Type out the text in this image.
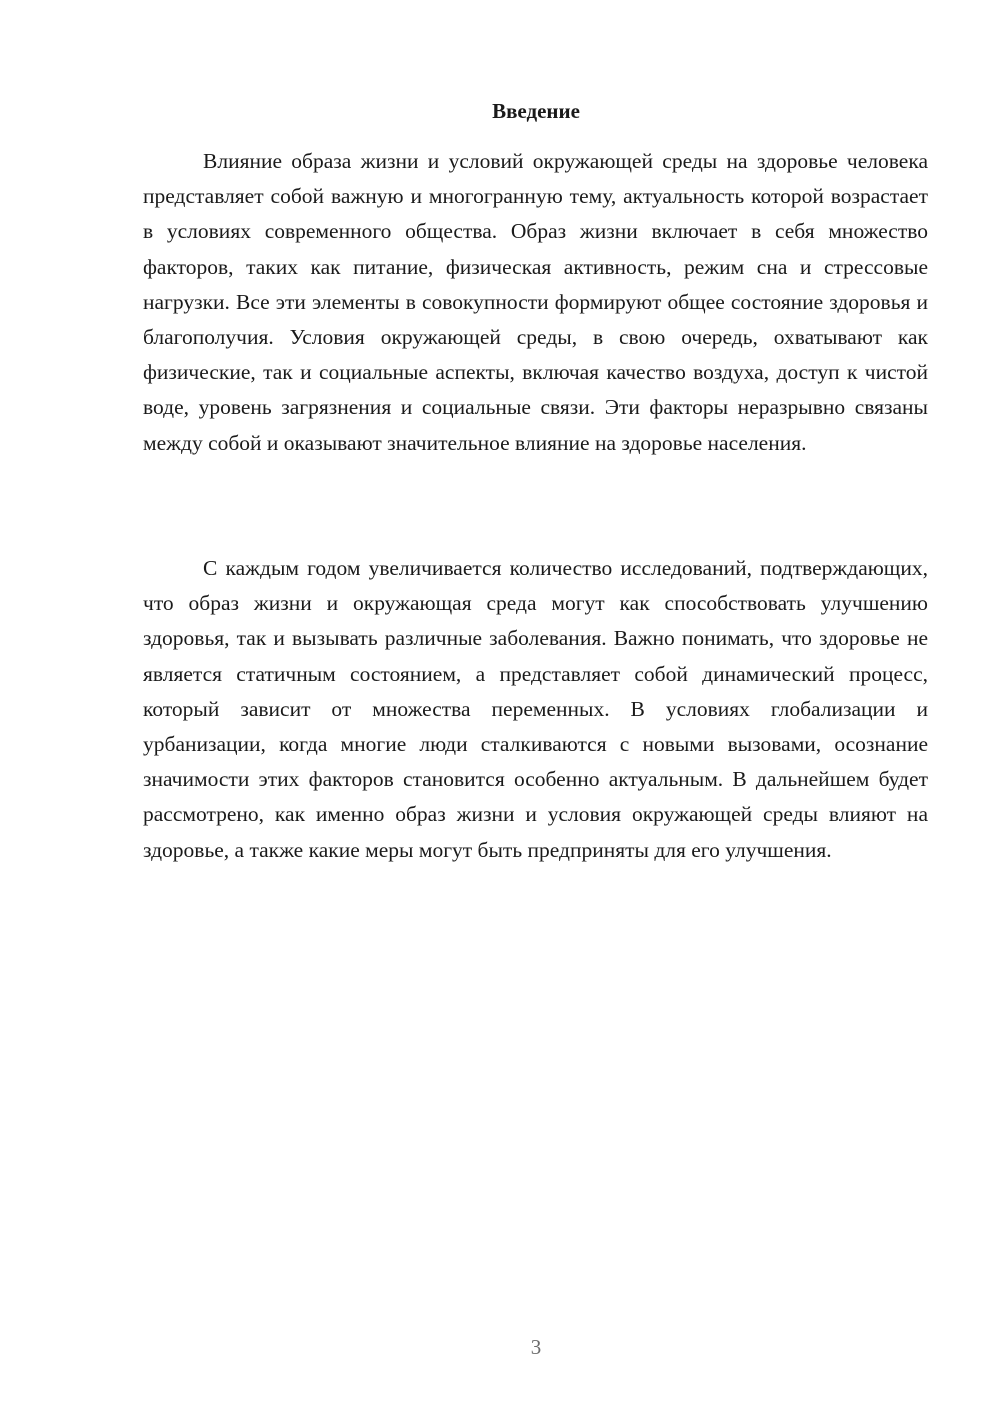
Введение

Влияние образа жизни и условий окружающей среды на здоровье человека представляет собой важную и многогранную тему, актуальность которой возрастает в условиях современного общества. Образ жизни включает в себя множество факторов, таких как питание, физическая активность, режим сна и стрессовые нагрузки. Все эти элементы в совокупности формируют общее состояние здоровья и благополучия. Условия окружающей среды, в свою очередь, охватывают как физические, так и социальные аспекты, включая качество воздуха, доступ к чистой воде, уровень загрязнения и социальные связи. Эти факторы неразрывно связаны между собой и оказывают значительное влияние на здоровье населения.

С каждым годом увеличивается количество исследований, подтверждающих, что образ жизни и окружающая среда могут как способствовать улучшению здоровья, так и вызывать различные заболевания. Важно понимать, что здоровье не является статичным состоянием, а представляет собой динамический процесс, который зависит от множества переменных. В условиях глобализации и урбанизации, когда многие люди сталкиваются с новыми вызовами, осознание значимости этих факторов становится особенно актуальным. В дальнейшем будет рассмотрено, как именно образ жизни и условия окружающей среды влияют на здоровье, а также какие меры могут быть предприняты для его улучшения.

3
